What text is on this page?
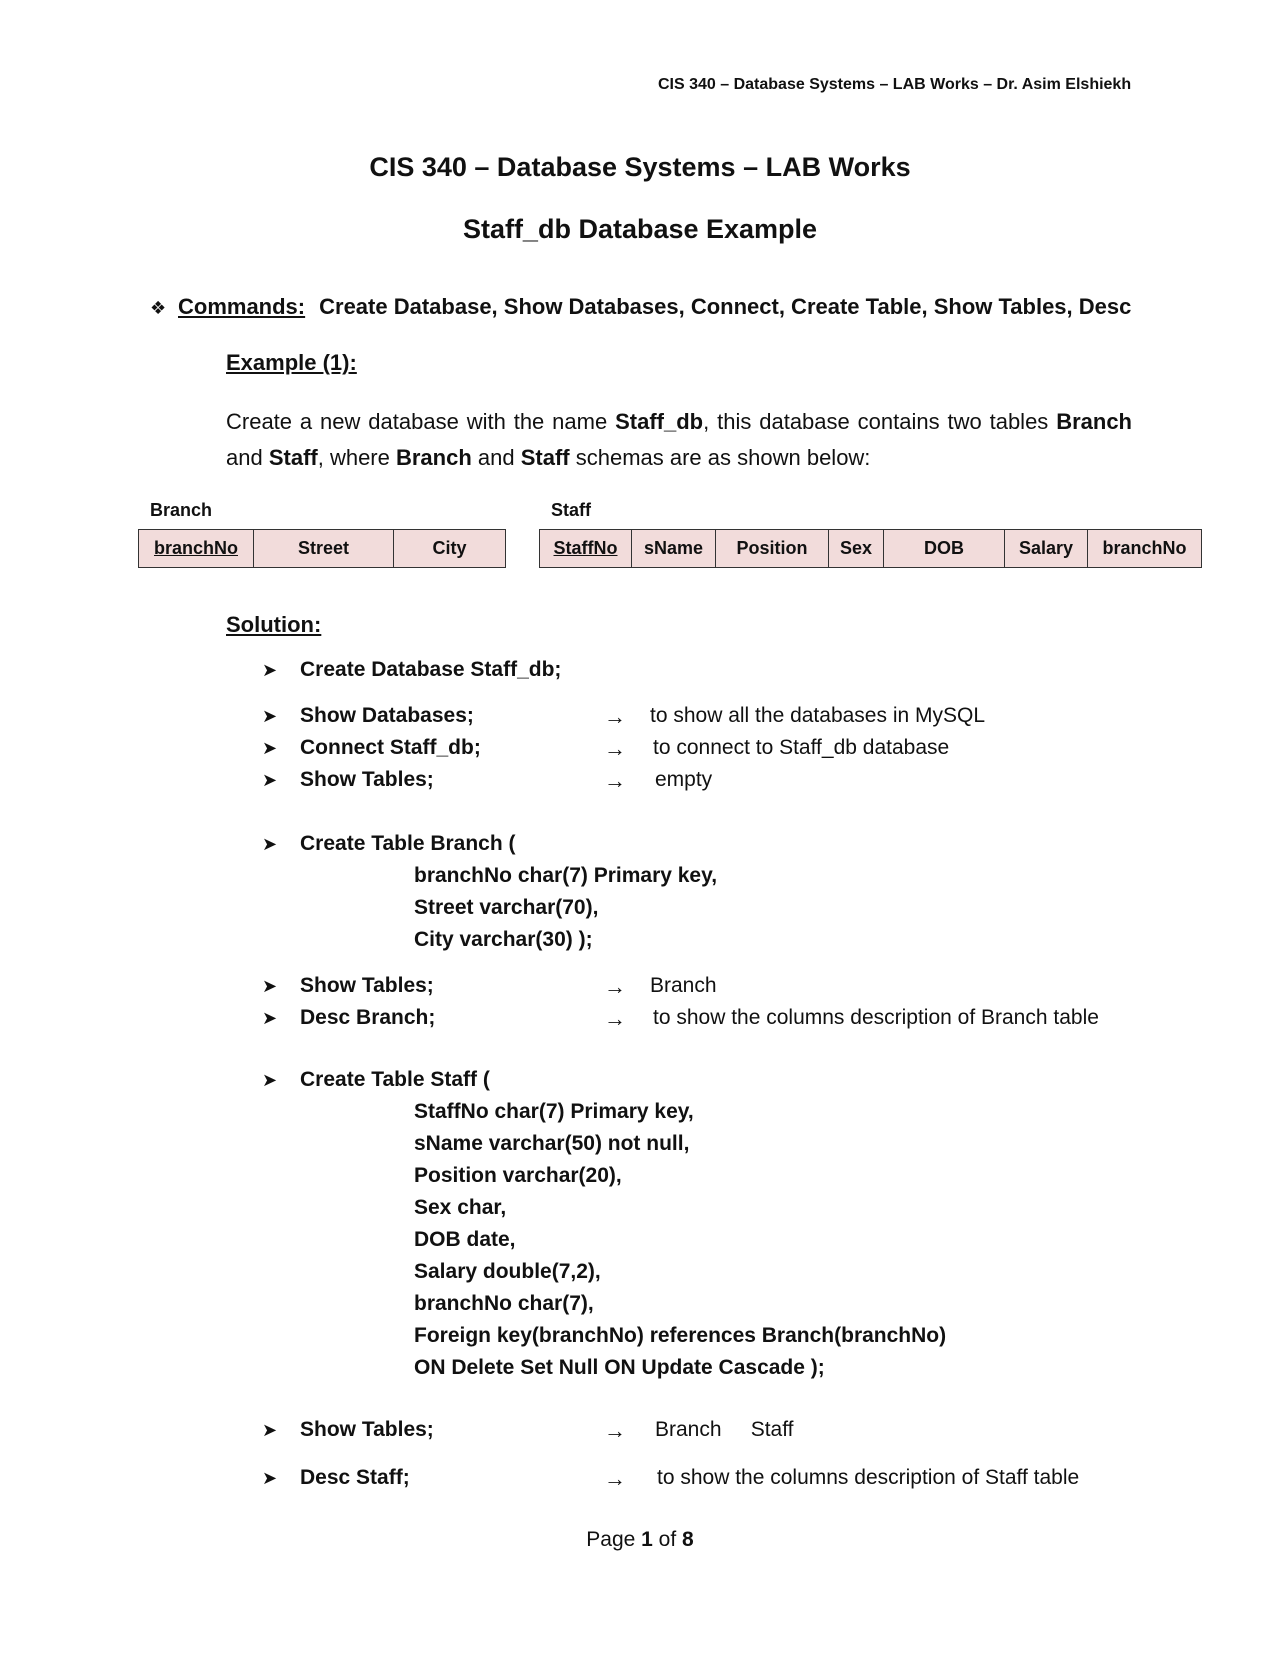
CIS 340 – Database Systems – LAB Works – Dr. Asim Elshiekh
CIS 340 – Database Systems – LAB Works
Staff_db Database Example
❖ Commands: Create Database, Show Databases, Connect, Create Table, Show Tables, Desc
Example (1):
Create a new database with the name Staff_db, this database contains two tables Branch and Staff, where Branch and Staff schemas are as shown below:
Branch
branchNo	Street	City
Staff
StaffNo	sName	Position	Sex	DOB	Salary	branchNo
Solution:
➤ Create Database Staff_db;
➤ Show Databases;	→ to show all the databases in MySQL
➤ Connect Staff_db;	→ to connect to Staff_db database
➤ Show Tables;	→ empty
➤ Create Table Branch (
branchNo char(7) Primary key,
Street varchar(70),
City varchar(30) );
➤ Show Tables;	→ Branch
➤ Desc Branch;	→ to show the columns description of Branch table
➤ Create Table Staff (
StaffNo char(7) Primary key,
sName varchar(50) not null,
Position varchar(20),
Sex char,
DOB date,
Salary double(7,2),
branchNo char(7),
Foreign key(branchNo) references Branch(branchNo)
ON Delete Set Null ON Update Cascade );
➤ Show Tables;	→ Branch     Staff
➤ Desc Staff;	→ to show the columns description of Staff table
Page 1 of 8
